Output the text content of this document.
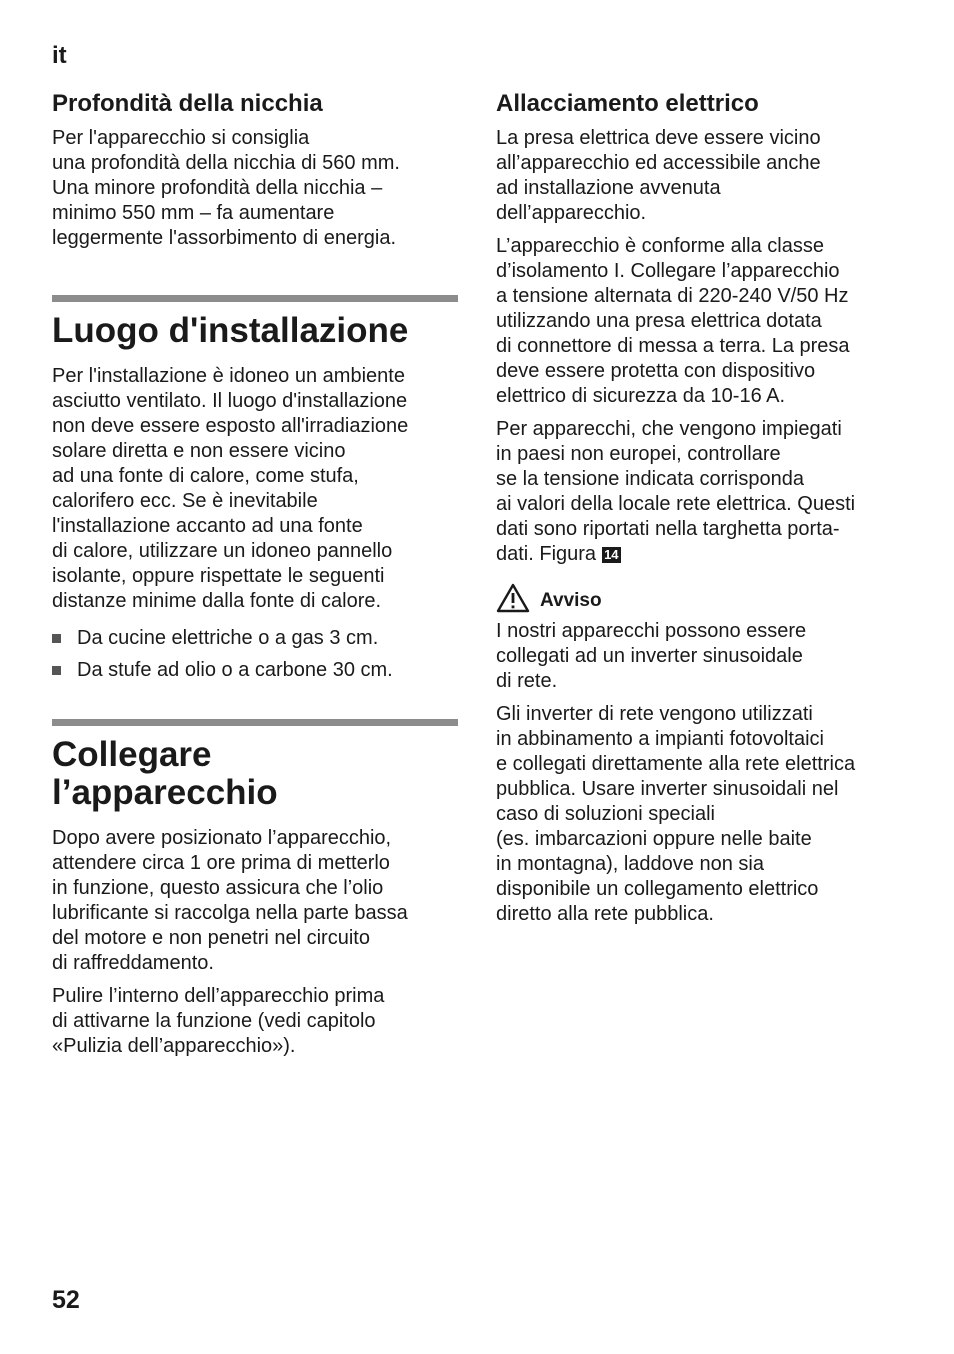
it
Profondità della nicchia

Per l'apparecchio si consiglia
una profondità della nicchia di 560 mm.
Una minore profondità della nicchia –
minimo 550 mm – fa aumentare
leggermente l'assorbimento di energia.

Luogo d'installazione

Per l'installazione è idoneo un ambiente
asciutto ventilato. Il luogo d'installazione
non deve essere esposto all'irradiazione
solare diretta e non essere vicino
ad una fonte di calore, come stufa,
calorifero ecc. Se è inevitabile
l'installazione accanto ad una fonte
di calore, utilizzare un idoneo pannello
isolante, oppure rispettate le seguenti
distanze minime dalla fonte di calore.

Da cucine elettriche o a gas 3 cm.
Da stufe ad olio o a carbone 30 cm.
Collegare
l’apparecchio

Dopo avere posizionato l’apparecchio,
attendere circa 1 ore prima di metterlo
in funzione, questo assicura che l’olio
lubrificante si raccolga nella parte bassa
del motore e non penetri nel circuito
di raffreddamento.

Pulire l’interno dell’apparecchio prima
di attivarne la funzione (vedi capitolo
«Pulizia dell’apparecchio»).

Allacciamento elettrico

La presa elettrica deve essere vicino
all’apparecchio ed accessibile anche
ad installazione avvenuta
dell’apparecchio.

L’apparecchio è conforme alla classe
d’isolamento I. Collegare l’apparecchio
a tensione alternata di 220-240 V/50 Hz
utilizzando una presa elettrica dotata
di connettore di messa a terra. La presa
deve essere protetta con dispositivo
elettrico di sicurezza da 10-16 A.

Per apparecchi, che vengono impiegati
in paesi non europei, controllare
se la tensione indicata corrisponda
ai valori della locale rete elettrica. Questi
dati sono riportati nella targhetta porta-
dati. Figura 14

Avviso

I nostri apparecchi possono essere
collegati ad un inverter sinusoidale
di rete.

Gli inverter di rete vengono utilizzati
in abbinamento a impianti fotovoltaici
e collegati direttamente alla rete elettrica
pubblica. Usare inverter sinusoidali nel
caso di soluzioni speciali
(es. imbarcazioni oppure nelle baite
in montagna), laddove non sia
disponibile un collegamento elettrico
diretto alla rete pubblica.

52
